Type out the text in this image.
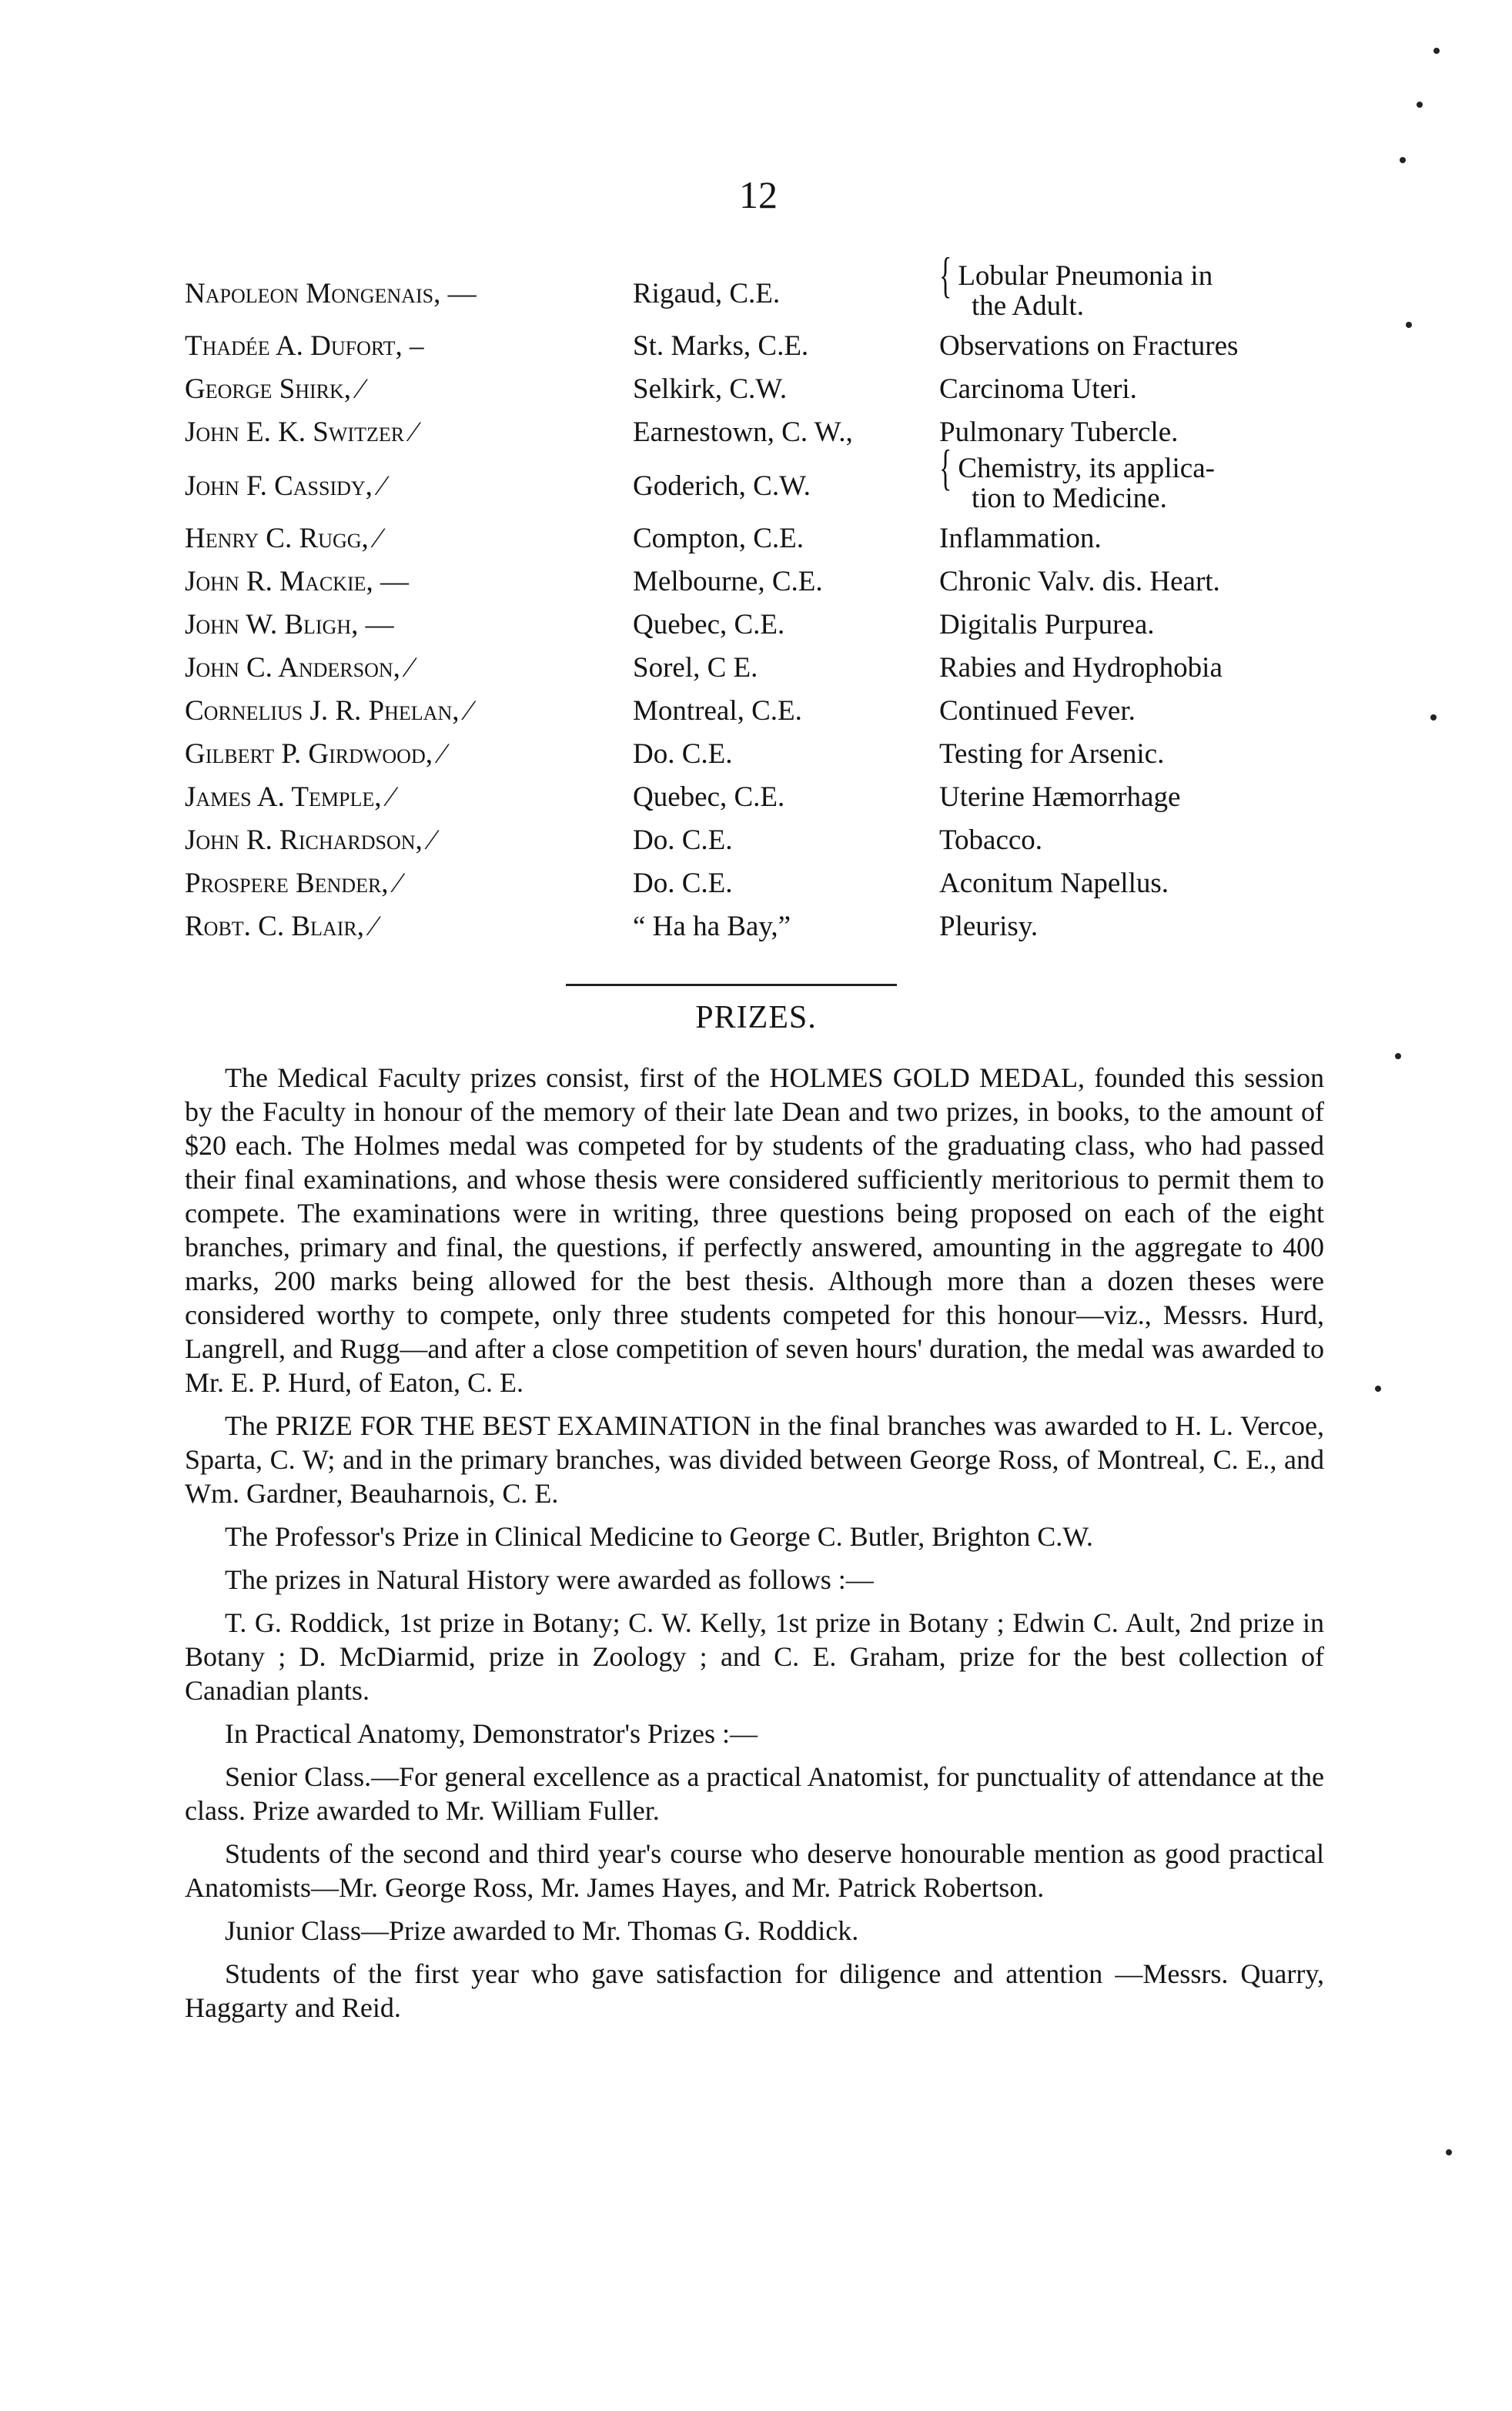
12
Napoleon Mongenais, —	Rigaud, C.E.	{ Lobular Pneumonia in
the Adult.
Thadée A. Dufort, –	St. Marks, C.E.	Observations on Fractures
George Shirk, ⁄	Selkirk, C.W.	Carcinoma Uteri.
John E. K. Switzer ⁄	Earnestown, C. W.,	Pulmonary Tubercle.
John F. Cassidy, ⁄	Goderich, C.W.	{ Chemistry, its applica-
tion to Medicine.
Henry C. Rugg, ⁄	Compton, C.E.	Inflammation.
John R. Mackie, —	Melbourne, C.E.	Chronic Valv. dis. Heart.
John W. Bligh, —	Quebec, C.E.	Digitalis Purpurea.
John C. Anderson, ⁄	Sorel, C E.	Rabies and Hydrophobia
Cornelius J. R. Phelan, ⁄	Montreal, C.E.	Continued Fever.
Gilbert P. Girdwood, ⁄	Do. C.E.	Testing for Arsenic.
James A. Temple, ⁄	Quebec, C.E.	Uterine Hæmorrhage
John R. Richardson, ⁄	Do. C.E.	Tobacco.
Prospere Bender, ⁄	Do. C.E.	Aconitum Napellus.
Robt. C. Blair, ⁄	“ Ha ha Bay,”	Pleurisy.
PRIZES.

The Medical Faculty prizes consist, first of the HOLMES GOLD MEDAL, founded this session by the Faculty in honour of the memory of their late Dean and two prizes, in books, to the amount of $20 each. The Holmes medal was competed for by students of the graduating class, who had passed their final examinations, and whose thesis were considered sufficiently meritorious to permit them to compete. The examinations were in writing, three questions being proposed on each of the eight branches, primary and final, the questions, if perfectly answered, amounting in the aggregate to 400 marks, 200 marks being allowed for the best thesis. Although more than a dozen theses were considered worthy to compete, only three students competed for this honour—viz., Messrs. Hurd, Langrell, and Rugg—and after a close competition of seven hours' duration, the medal was awarded to Mr. E. P. Hurd, of Eaton, C. E.

The PRIZE FOR THE BEST EXAMINATION in the final branches was awarded to H. L. Vercoe, Sparta, C. W; and in the primary branches, was divided between George Ross, of Montreal, C. E., and Wm. Gardner, Beauharnois, C. E.

The Professor's Prize in Clinical Medicine to George C. Butler, Brighton C.W.

The prizes in Natural History were awarded as follows :—

T. G. Roddick, 1st prize in Botany; C. W. Kelly, 1st prize in Botany ; Edwin C. Ault, 2nd prize in Botany ; D. McDiarmid, prize in Zoology ; and C. E. Graham, prize for the best collection of Canadian plants.

In Practical Anatomy, Demonstrator's Prizes :—

Senior Class.—For general excellence as a practical Anatomist, for punctuality of attendance at the class. Prize awarded to Mr. William Fuller.

Students of the second and third year's course who deserve honourable mention as good practical Anatomists—Mr. George Ross, Mr. James Hayes, and Mr. Patrick Robertson.

Junior Class—Prize awarded to Mr. Thomas G. Roddick.

Students of the first year who gave satisfaction for diligence and attention —Messrs. Quarry, Haggarty and Reid.
